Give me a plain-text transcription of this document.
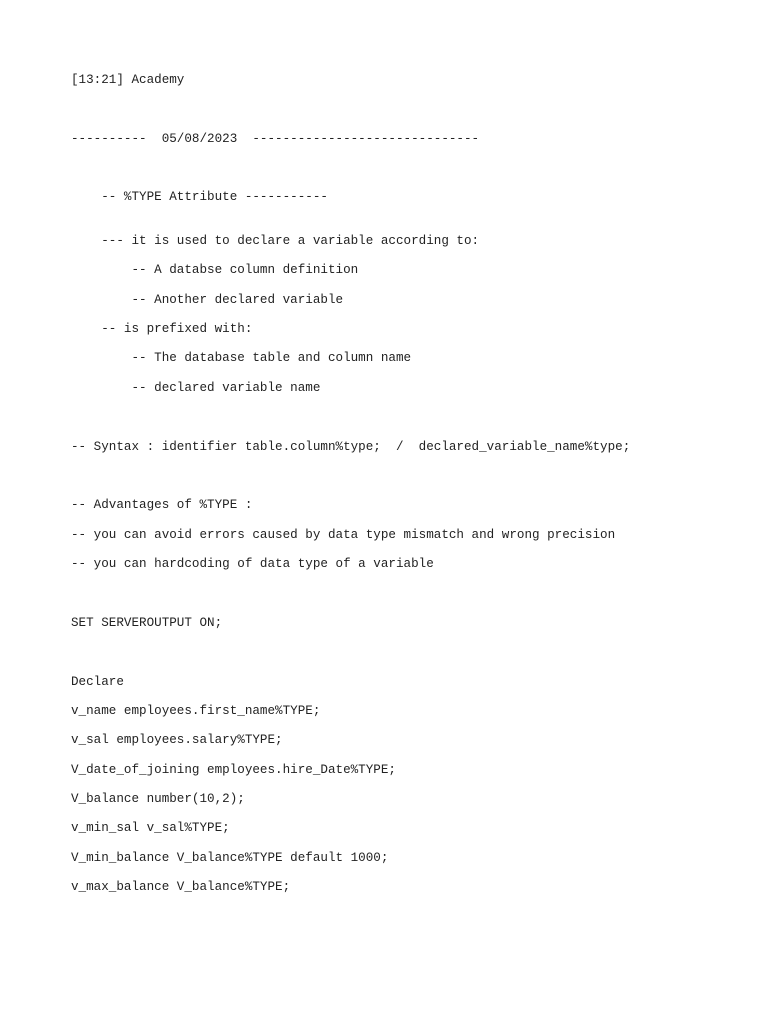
[13:21] Academy
----------  05/08/2023  ------------------------------
-- %TYPE Attribute -----------
--- it is used to declare a variable according to:
-- A databse column definition
-- Another declared variable
-- is prefixed with:
-- The database table and column name
-- declared variable name
-- Syntax : identifier table.column%type;  /  declared_variable_name%type;
-- Advantages of %TYPE :
-- you can avoid errors caused by data type mismatch and wrong precision
-- you can hardcoding of data type of a variable
SET SERVEROUTPUT ON;
Declare
v_name employees.first_name%TYPE;
v_sal employees.salary%TYPE;
V_date_of_joining employees.hire_Date%TYPE;
V_balance number(10,2);
v_min_sal v_sal%TYPE;
V_min_balance V_balance%TYPE default 1000;
v_max_balance V_balance%TYPE;
